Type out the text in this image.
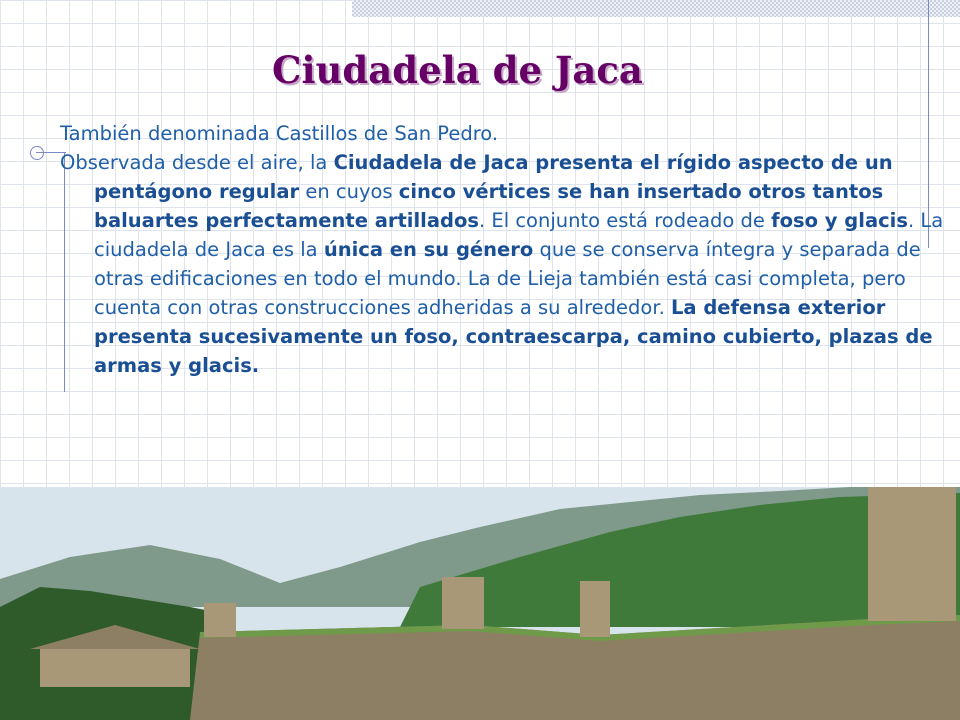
Ciudadela de Jaca

También denominada Castillos de San Pedro.

Observada desde el aire, la Ciudadela de Jaca presenta el rígido aspecto de un pentágono regular en cuyos cinco vértices se han insertado otros tantos baluartes perfectamente artillados. El conjunto está rodeado de foso y glacis. La ciudadela de Jaca es la única en su género que se conserva íntegra y separada de otras edificaciones en todo el mundo. La de Lieja también está casi completa, pero cuenta con otras construcciones adheridas a su alrededor. La defensa exterior presenta sucesivamente un foso, contraescarpa, camino cubierto, plazas de armas y glacis.
